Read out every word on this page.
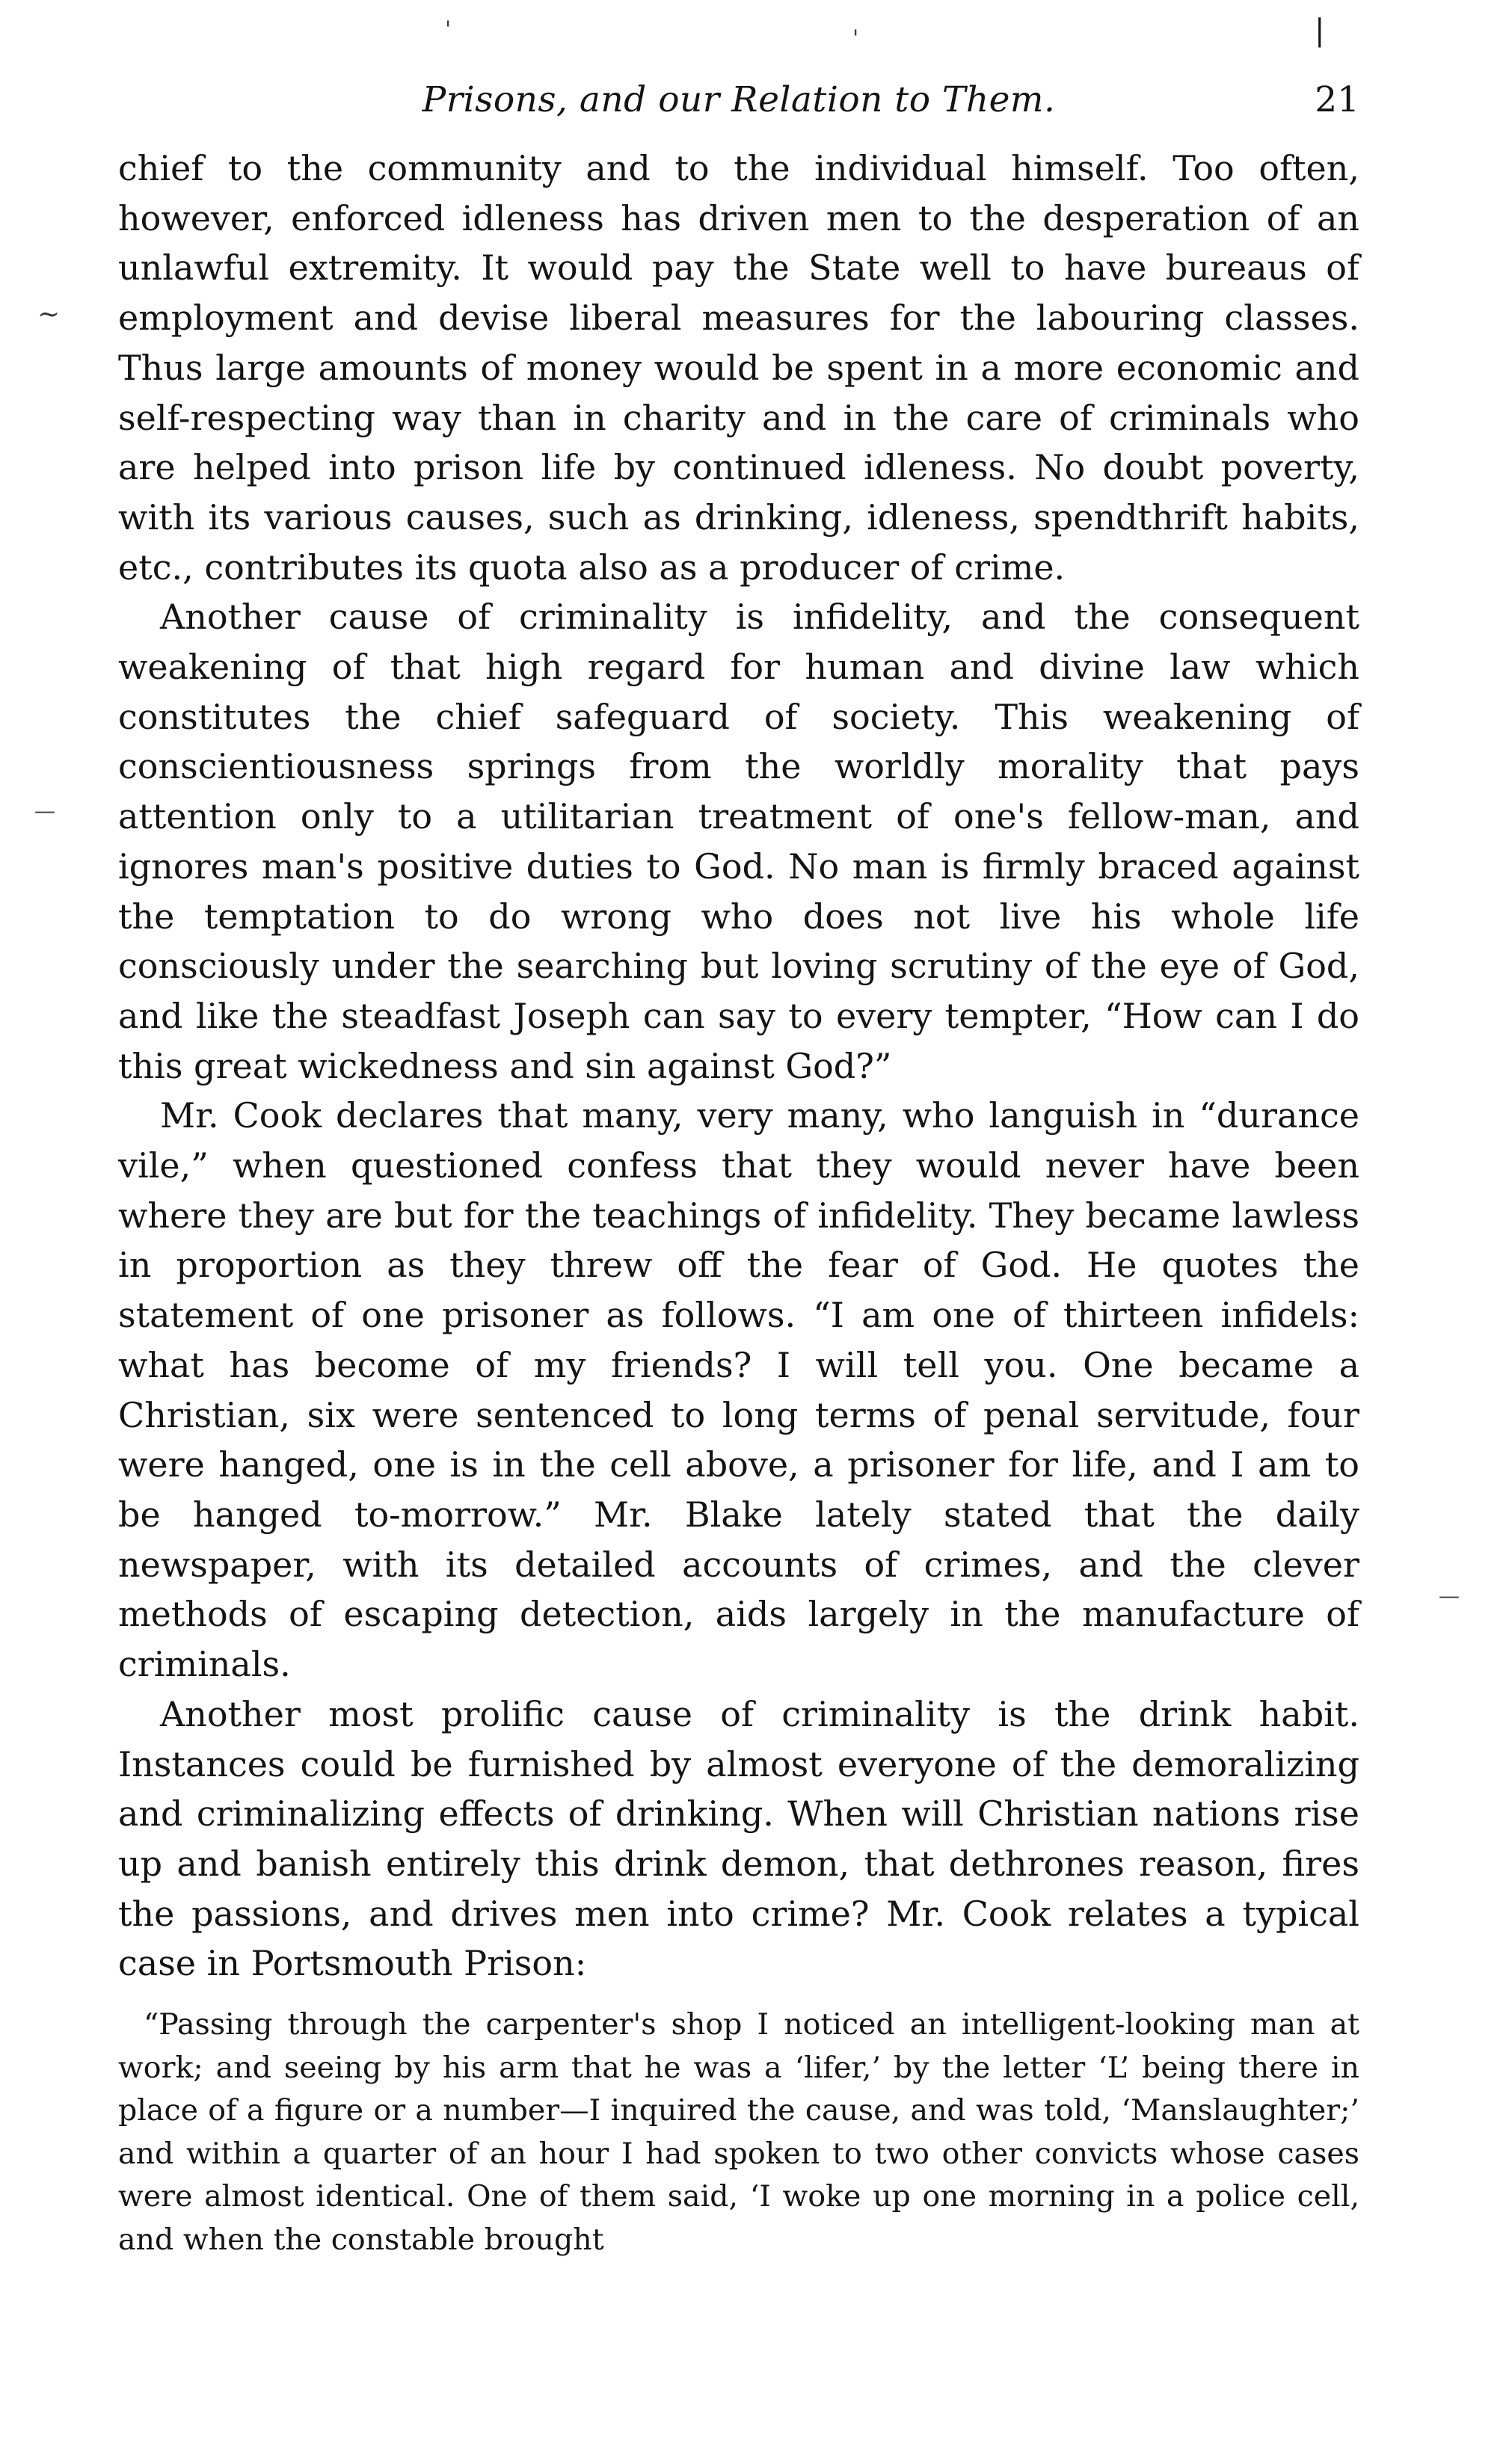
'	'	|
~
—
—
Prisons, and our Relation to Them.	21

chief to the community and to the individual himself. Too often, however, enforced idleness has driven men to the desperation of an unlawful extremity. It would pay the State well to have bureaus of employment and devise liberal measures for the labouring classes. Thus large amounts of money would be spent in a more economic and self-respecting way than in charity and in the care of criminals who are helped into prison life by continued idleness. No doubt poverty, with its various causes, such as drinking, idleness, spendthrift habits, etc., contributes its quota also as a producer of crime.

Another cause of criminality is infidelity, and the consequent weakening of that high regard for human and divine law which constitutes the chief safeguard of society. This weakening of conscientiousness springs from the worldly morality that pays attention only to a utilitarian treatment of one's fellow-man, and ignores man's positive duties to God. No man is firmly braced against the temptation to do wrong who does not live his whole life consciously under the searching but loving scrutiny of the eye of God, and like the steadfast Joseph can say to every tempter, “How can I do this great wickedness and sin against God?”

Mr. Cook declares that many, very many, who languish in “durance vile,” when questioned confess that they would never have been where they are but for the teachings of infidelity. They became lawless in proportion as they threw off the fear of God. He quotes the statement of one prisoner as follows. “I am one of thirteen infidels: what has become of my friends? I will tell you. One became a Christian, six were sentenced to long terms of penal servitude, four were hanged, one is in the cell above, a prisoner for life, and I am to be hanged to-morrow.” Mr. Blake lately stated that the daily newspaper, with its detailed accounts of crimes, and the clever methods of escaping detection, aids largely in the manufacture of criminals.

Another most prolific cause of criminality is the drink habit. Instances could be furnished by almost everyone of the demoralizing and criminalizing effects of drinking. When will Christian nations rise up and banish entirely this drink demon, that dethrones reason, fires the passions, and drives men into crime? Mr. Cook relates a typical case in Portsmouth Prison:

“Passing through the carpenter's shop I noticed an intelligent-looking man at work; and seeing by his arm that he was a ‘lifer,’ by the letter ‘L’ being there in place of a figure or a number—I inquired the cause, and was told, ‘Manslaughter;’ and within a quarter of an hour I had spoken to two other convicts whose cases were almost identical. One of them said, ‘I woke up one morning in a police cell, and when the constable brought
